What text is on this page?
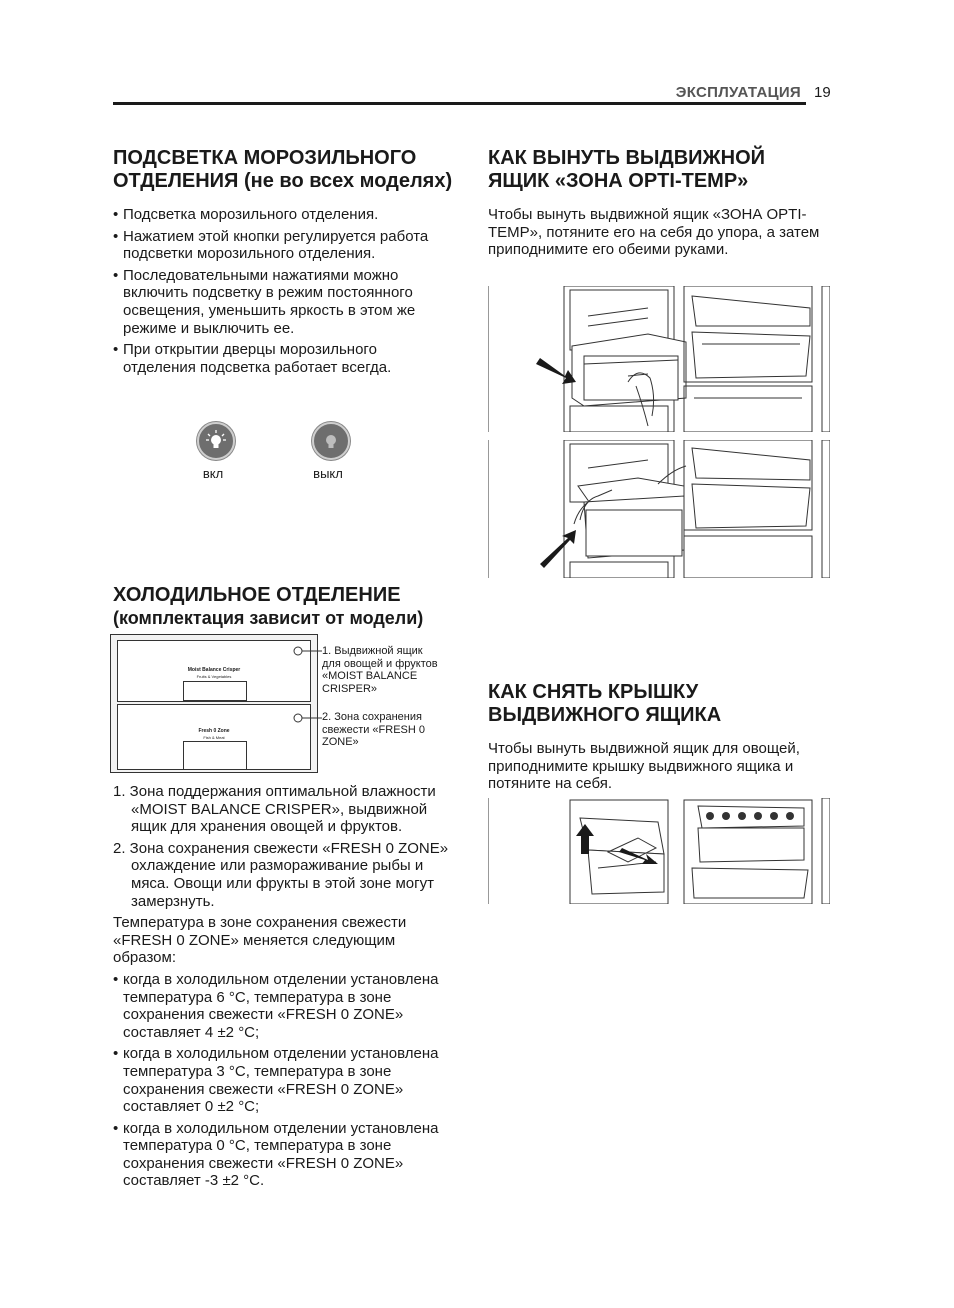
ЭКСПЛУАТАЦИЯ 19
ПОДСВЕТКА МОРОЗИЛЬНОГО ОТДЕЛЕНИЯ (не во всех моделях)
• Подсветка морозильного отделения.
• Нажатием этой кнопки регулируется работа подсветки морозильного отделения.
• Последовательными нажатиями можно включить подсветку в режим постоянного освещения, уменьшить яркость в этом же режиме и выключить ее.
• При открытии дверцы морозильного отделения подсветка работает всегда.
вкл	выкл
ХОЛОДИЛЬНОЕ ОТДЕЛЕНИЕ
(комплектация зависит от модели)
Moist Balance Crisper
Fruits & Vegetables
Fresh 0 Zone
Fish & Meat
1. Выдвижной ящик для овощей и фруктов «MOIST BALANCE CRISPER»
2. Зона сохранения свежести «FRESH 0 ZONE»
1. Зона поддержания оптимальной влажности «MOIST BALANCE CRISPER», выдвижной ящик для хранения овощей и фруктов.
2. Зона сохранения свежести «FRESH 0 ZONE» охлаждение или размораживание рыбы и мяса. Овощи или фрукты в этой зоне могут замерзнуть.

Температура в зоне сохранения свежести «FRESH 0 ZONE» меняется следующим образом:

• когда в холодильном отделении установлена температура 6 °C, температура в зоне сохранения свежести «FRESH 0 ZONE» составляет 4 ±2 °C;
• когда в холодильном отделении установлена температура 3 °C, температура в зоне сохранения свежести «FRESH 0 ZONE» составляет 0 ±2 °C;
• когда в холодильном отделении установлена температура 0 °C, температура в зоне сохранения свежести «FRESH 0 ZONE» составляет -3 ±2 °C.
КАК ВЫНУТЬ ВЫДВИЖНОЙ ЯЩИК «ЗОНА OPTI-TEMP»

Чтобы вынуть выдвижной ящик «ЗОНА OPTI-TEMP», потяните его на себя до упора, а затем приподнимите его обеими руками.

КАК СНЯТЬ КРЫШКУ ВЫДВИЖНОГО ЯЩИКА

Чтобы вынуть выдвижной ящик для овощей, приподнимите крышку выдвижного ящика и потяните на себя.
